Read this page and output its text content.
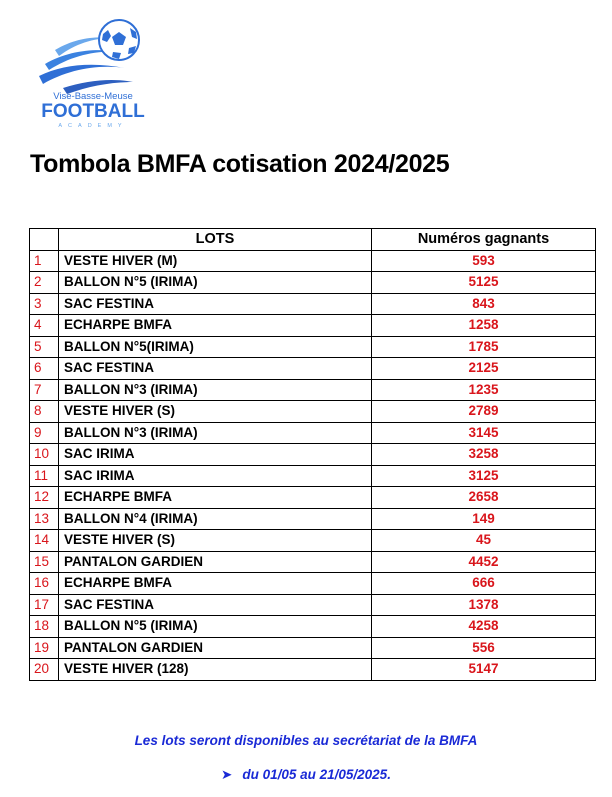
Visé-Basse-Meuse
FOOTBALL
ACADEMY
Tombola BMFA cotisation 2024/2025
	LOTS	Numéros gagnants
1	VESTE HIVER (M)	593
2	BALLON N°5 (IRIMA)	5125
3	SAC FESTINA	843
4	ECHARPE BMFA	1258
5	BALLON N°5(IRIMA)	1785
6	SAC FESTINA	2125
7	BALLON N°3 (IRIMA)	1235
8	VESTE HIVER (S)	2789
9	BALLON N°3 (IRIMA)	3145
10	SAC IRIMA	3258
11	SAC IRIMA	3125
12	ECHARPE BMFA	2658
13	BALLON N°4 (IRIMA)	149
14	VESTE HIVER (S)	45
15	PANTALON GARDIEN	4452
16	ECHARPE BMFA	666
17	SAC FESTINA	1378
18	BALLON N°5 (IRIMA)	4258
19	PANTALON GARDIEN	556
20	VESTE HIVER (128)	5147
Les lots seront disponibles au secrétariat de la BMFA
➤ du 01/05 au 21/05/2025.
